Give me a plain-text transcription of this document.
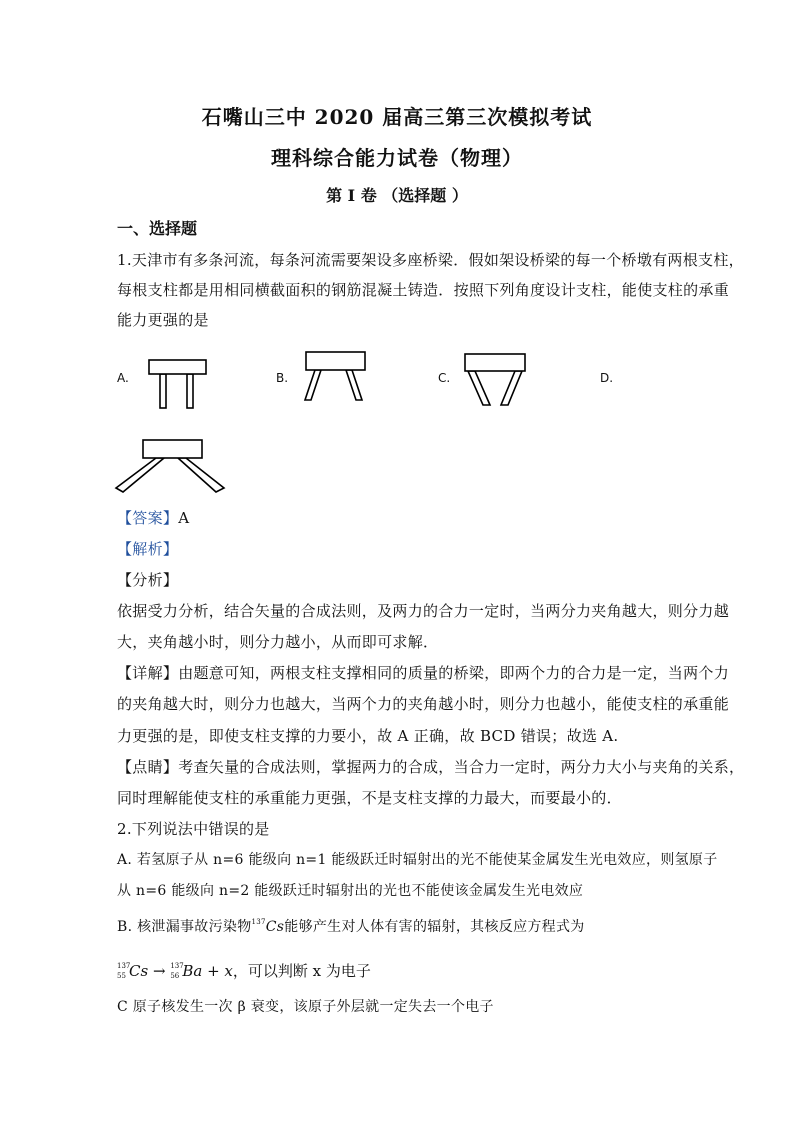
石嘴山三中 2020 届高三第三次模拟考试
理科综合能力试卷（物理）
第 I 卷 （选择题 ）
一、选择题
1.天津市有多条河流，每条河流需要架设多座桥梁．假如架设桥梁的每一个桥墩有两根支柱，
每根支柱都是用相同横截面积的钢筋混凝土铸造．按照下列角度设计支柱，能使支柱的承重
能力更强的是
A.	B.	C.	D.
【答案】A
【解析】
【分析】
依据受力分析，结合矢量的合成法则，及两力的合力一定时，当两分力夹角越大，则分力越
大，夹角越小时，则分力越小，从而即可求解．
【详解】由题意可知，两根支柱支撑相同的质量的桥梁，即两个力的合力是一定，当两个力
的夹角越大时，则分力也越大，当两个力的夹角越小时，则分力也越小，能使支柱的承重能
力更强的是，即使支柱支撑的力要小，故 A 正确，故 BCD 错误；故选 A.
【点睛】考查矢量的合成法则，掌握两力的合成，当合力一定时，两分力大小与夹角的关系，
同时理解能使支柱的承重能力更强，不是支柱支撑的力最大，而要最小的．
2.下列说法中错误的是
A. 若氢原子从 n=6 能级向 n=1 能级跃迁时辐射出的光不能使某金属发生光电效应，则氢原子
从 n=6 能级向 n=2 能级跃迁时辐射出的光也不能使该金属发生光电效应
B. 核泄漏事故污染物$^{137}$Cs能够产生对人体有害的辐射，其核反应方程式为
137
55 Cs → 137
56 Ba + x，可以判断 x 为电子
C 原子核发生一次 β 衰变，该原子外层就一定失去一个电子
